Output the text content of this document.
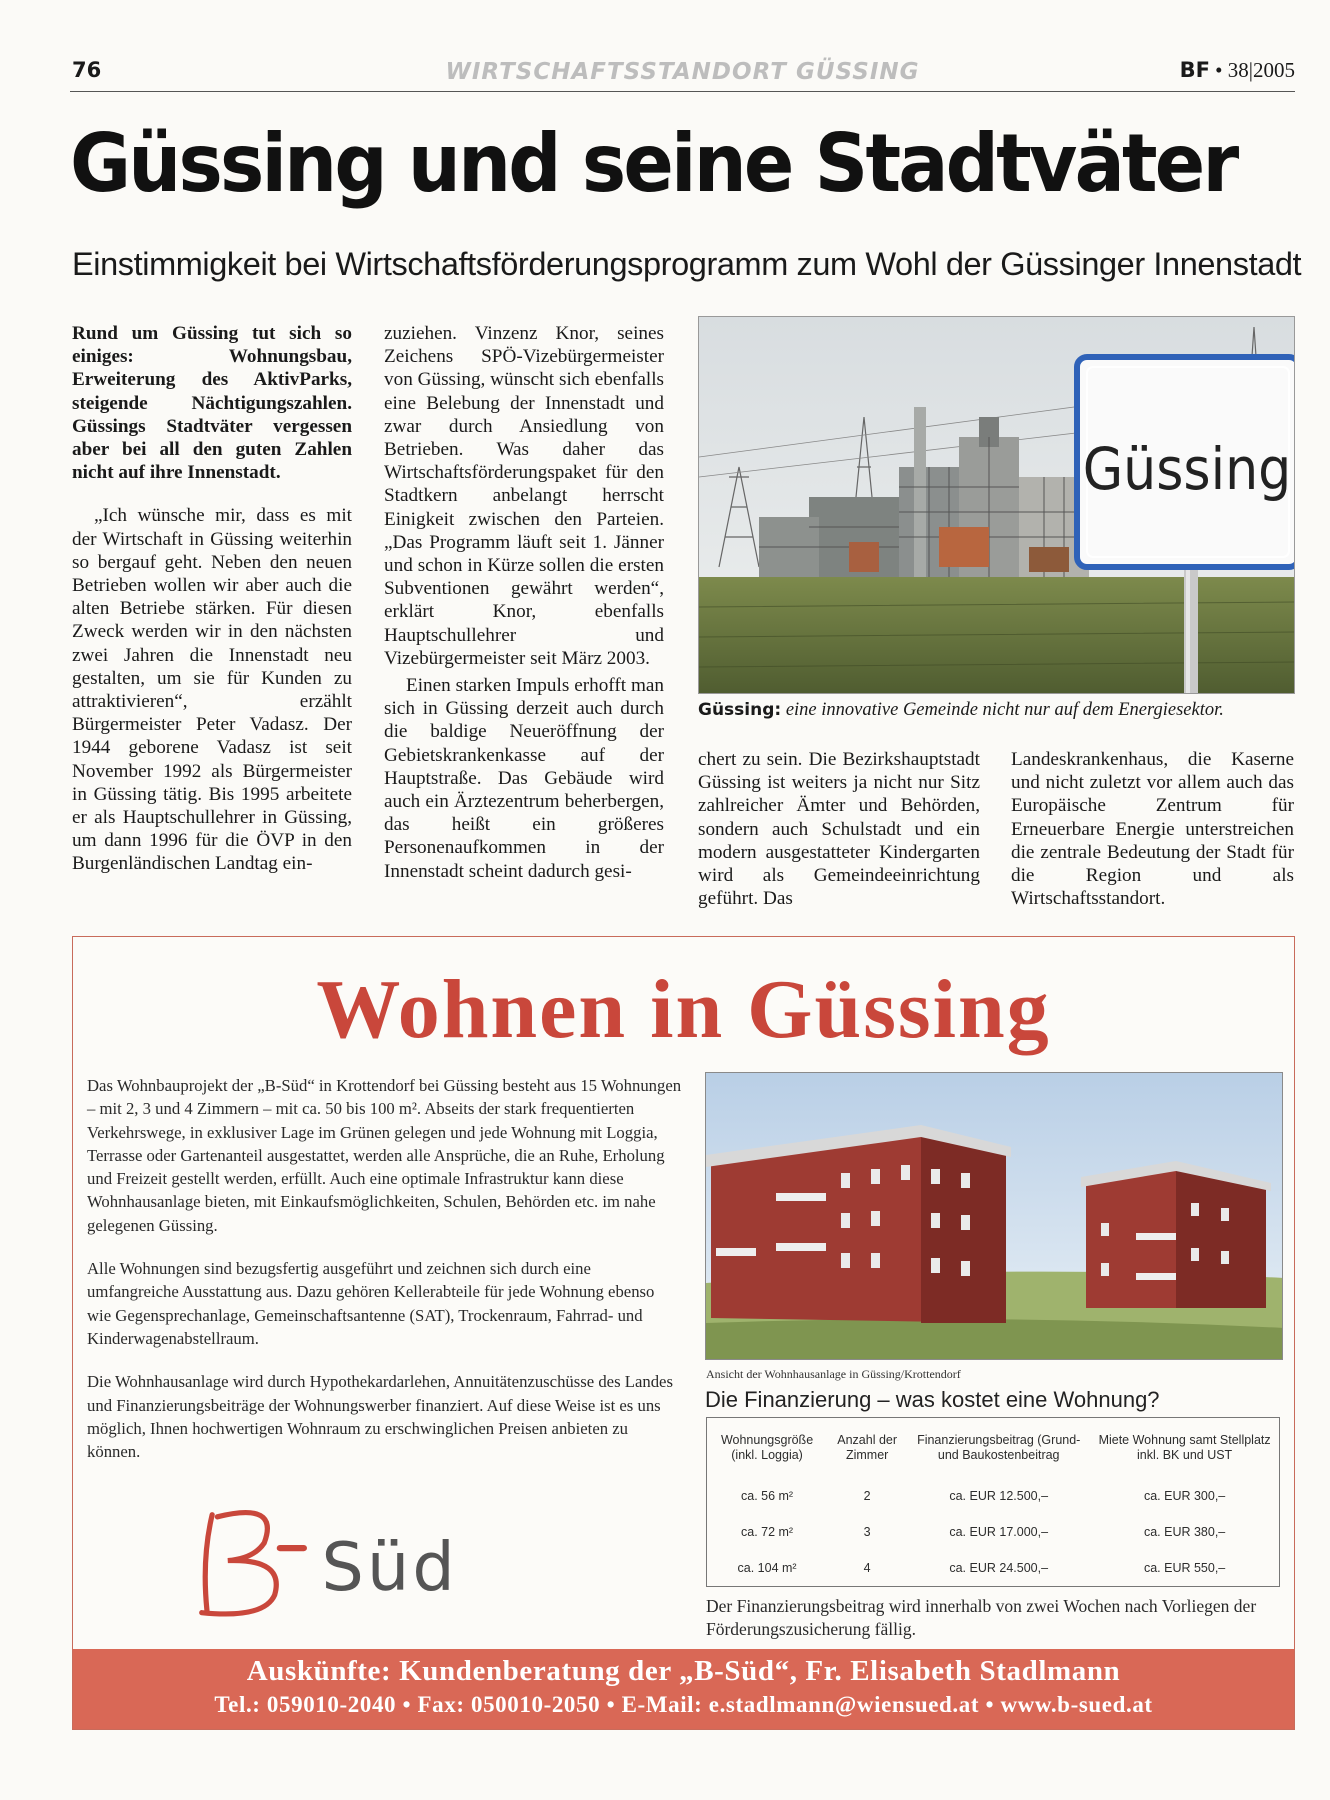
76	WIRTSCHAFTSSTANDORT GÜSSING	BF • 38|2005
Güssing und seine Stadtväter
Einstimmigkeit bei Wirtschaftsförderungsprogramm zum Wohl der Güssinger Innenstadt

Rund um Güssing tut sich so einiges: Wohnungsbau, Erweiterung des AktivParks, steigende Nächtigungszahlen. Güssings Stadtväter vergessen aber bei all den guten Zahlen nicht auf ihre Innenstadt.

„Ich wünsche mir, dass es mit der Wirtschaft in Güssing weiterhin so bergauf geht. Neben den neuen Betrieben wollen wir aber auch die alten Betriebe stärken. Für diesen Zweck werden wir in den nächsten zwei Jahren die Innenstadt neu gestalten, um sie für Kunden zu attraktivieren“, erzählt Bürgermeister Peter Vadasz. Der 1944 geborene Vadasz ist seit November 1992 als Bürgermeister in Güssing tätig. Bis 1995 arbeitete er als Hauptschullehrer in Güssing, um dann 1996 für die ÖVP in den Burgenländischen Landtag ein-

zuziehen. Vinzenz Knor, seines Zeichens SPÖ-Vizebürgermeister von Güssing, wünscht sich ebenfalls eine Belebung der Innenstadt und zwar durch Ansiedlung von Betrieben. Was daher das Wirtschaftsförderungspaket für den Stadtkern anbelangt herrscht Einigkeit zwischen den Parteien. „Das Programm läuft seit 1. Jänner und schon in Kürze sollen die ersten Subventionen gewährt werden“, erklärt Knor, ebenfalls Hauptschullehrer und Vizebürgermeister seit März 2003.

Einen starken Impuls erhofft man sich in Güssing derzeit auch durch die baldige Neueröffnung der Gebietskrankenkasse auf der Hauptstraße. Das Gebäude wird auch ein Ärztezentrum beherbergen, das heißt ein größeres Personenaufkommen in der Innenstadt scheint dadurch gesi-

Güssing
Güssing: eine innovative Gemeinde nicht nur auf dem Energiesektor.

chert zu sein. Die Bezirkshauptstadt Güssing ist weiters ja nicht nur Sitz zahlreicher Ämter und Behörden, sondern auch Schulstadt und ein modern ausgestatteter Kindergarten wird als Gemeindeeinrichtung geführt. Das

Landeskrankenhaus, die Kaserne und nicht zuletzt vor allem auch das Europäische Zentrum für Erneuerbare Energie unterstreichen die zentrale Bedeutung der Stadt für die Region und als Wirtschaftsstandort.

Wohnen in Güssing

Das Wohnbauprojekt der „B-Süd“ in Krottendorf bei Güssing besteht aus 15 Wohnungen – mit 2, 3 und 4 Zimmern – mit ca. 50 bis 100 m². Abseits der stark frequentierten Verkehrswege, in exklusiver Lage im Grünen gelegen und jede Wohnung mit Loggia, Terrasse oder Gartenanteil ausgestattet, werden alle Ansprüche, die an Ruhe, Erholung und Freizeit gestellt werden, erfüllt. Auch eine optimale Infrastruktur kann diese Wohnhausanlage bieten, mit Einkaufsmöglichkeiten, Schulen, Behörden etc. im nahe gelegenen Güssing.

Alle Wohnungen sind bezugsfertig ausgeführt und zeichnen sich durch eine umfangreiche Ausstattung aus. Dazu gehören Kellerabteile für jede Wohnung ebenso wie Gegensprechanlage, Gemeinschaftsantenne (SAT), Trockenraum, Fahrrad- und Kinderwagenabstellraum.

Die Wohnhausanlage wird durch Hypothekardarlehen, Annuitätenzuschüsse des Landes und Finanzierungsbeiträge der Wohnungswerber finanziert. Auf diese Weise ist es uns möglich, Ihnen hochwertigen Wohnraum zu erschwinglichen Preisen anbieten zu können.

Ansicht der Wohnhausanlage in Güssing/Krottendorf
Die Finanzierung – was kostet eine Wohnung?
Wohnungsgröße (inkl. Loggia)	Anzahl der Zimmer	Finanzierungsbeitrag (Grund- und Baukostenbeitrag	Miete Wohnung samt Stellplatz inkl. BK und UST
ca. 56 m²	2	ca. EUR 12.500,–	ca. EUR 300,–
ca. 72 m²	3	ca. EUR 17.000,–	ca. EUR 380,–
ca. 104 m²	4	ca. EUR 24.500,–	ca. EUR 550,–
Der Finanzierungsbeitrag wird innerhalb von zwei Wochen nach Vorliegen der Förderungszusicherung fällig.
Auskünfte: Kundenberatung der „B-Süd“, Fr. Elisabeth Stadlmann
Tel.: 059010-2040 • Fax: 050010-2050 • E-Mail: e.stadlmann@wiensued.at • www.b-sued.at
Süd
